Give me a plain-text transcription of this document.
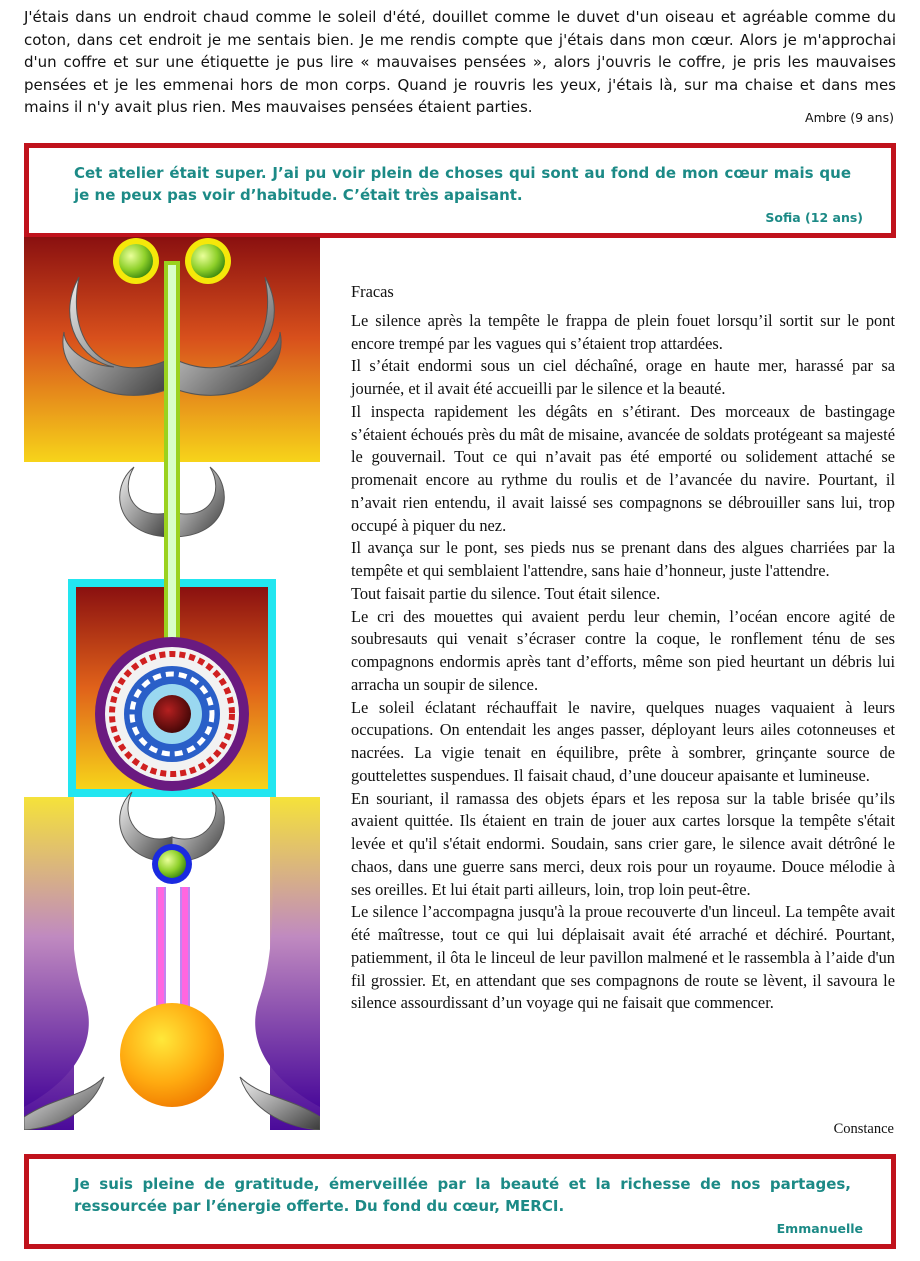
J'étais dans un endroit chaud comme le soleil d'été, douillet comme le duvet d'un oiseau et agréable comme du coton, dans cet endroit je me sentais bien. Je me rendis compte que j'étais dans mon cœur. Alors je m'approchai d'un coffre et sur une étiquette je pus lire « mauvaises pensées », alors j'ouvris le coffre, je pris les mauvaises pensées et je les emmenai hors de mon corps. Quand je rouvris les yeux, j'étais là, sur ma chaise et dans mes mains il n'y avait plus rien. Mes mauvaises pensées étaient parties.

Ambre (9 ans)

Cet atelier était super. J’ai pu voir plein de choses qui sont au fond de mon cœur mais que je ne peux pas voir d’habitude. C’était très apaisant.

Sofia (12 ans)

Fracas

Le silence après la tempête le frappa de plein fouet lorsqu’il sortit sur le pont encore trempé par les vagues qui s’étaient trop attardées.

Il s’était endormi sous un ciel déchaîné, orage en haute mer, harassé par sa journée, et il avait été accueilli par le silence et la beauté.

Il inspecta rapidement les dégâts en s’étirant. Des morceaux de bastingage s’étaient échoués près du mât de misaine, avancée de soldats protégeant sa majesté le gouvernail. Tout ce qui n’avait pas été emporté ou solidement attaché se promenait encore au rythme du roulis et de l’avancée du navire. Pourtant, il n’avait rien entendu, il avait laissé ses compagnons se débrouiller sans lui, trop occupé à piquer du nez.

Il avança sur le pont, ses pieds nus se prenant dans des algues charriées par la tempête et qui semblaient l'attendre, sans haie d’honneur, juste l'attendre.

Tout faisait partie du silence. Tout était silence.

Le cri des mouettes qui avaient perdu leur chemin, l’océan encore agité de soubresauts qui venait s’écraser contre la coque, le ronflement ténu de ses compagnons endormis après tant d’efforts, même son pied heurtant un débris lui arracha un soupir de silence.

Le soleil éclatant réchauffait le navire, quelques nuages vaquaient à leurs occupations. On entendait les anges passer, déployant leurs ailes cotonneuses et nacrées. La vigie tenait en équilibre, prête à sombrer, grinçante source de gouttelettes suspendues. Il faisait chaud, d’une douceur apaisante et lumineuse.

En souriant, il ramassa des objets épars et les reposa sur la table brisée qu’ils avaient quittée. Ils étaient en train de jouer aux cartes lorsque la tempête s'était levée et qu'il s'était endormi. Soudain, sans crier gare, le silence avait détrôné le chaos, dans une guerre sans merci, deux rois pour un royaume. Douce mélodie à ses oreilles. Et lui était parti ailleurs, loin, trop loin peut-être.

Le silence l’accompagna jusqu'à la proue recouverte d'un linceul. La tempête avait été maîtresse, tout ce qui lui déplaisait avait été arraché et déchiré. Pourtant, patiemment, il ôta le linceul de leur pavillon malmené et le rassembla à l’aide d'un fil grossier. Et, en attendant que ses compagnons de route se lèvent, il savoura le silence assourdissant d’un voyage qui ne faisait que commencer.

Constance

Je suis pleine de gratitude, émerveillée par la beauté et la richesse de nos partages, ressourcée par l’énergie offerte. Du fond du cœur, MERCI.

Emmanuelle
